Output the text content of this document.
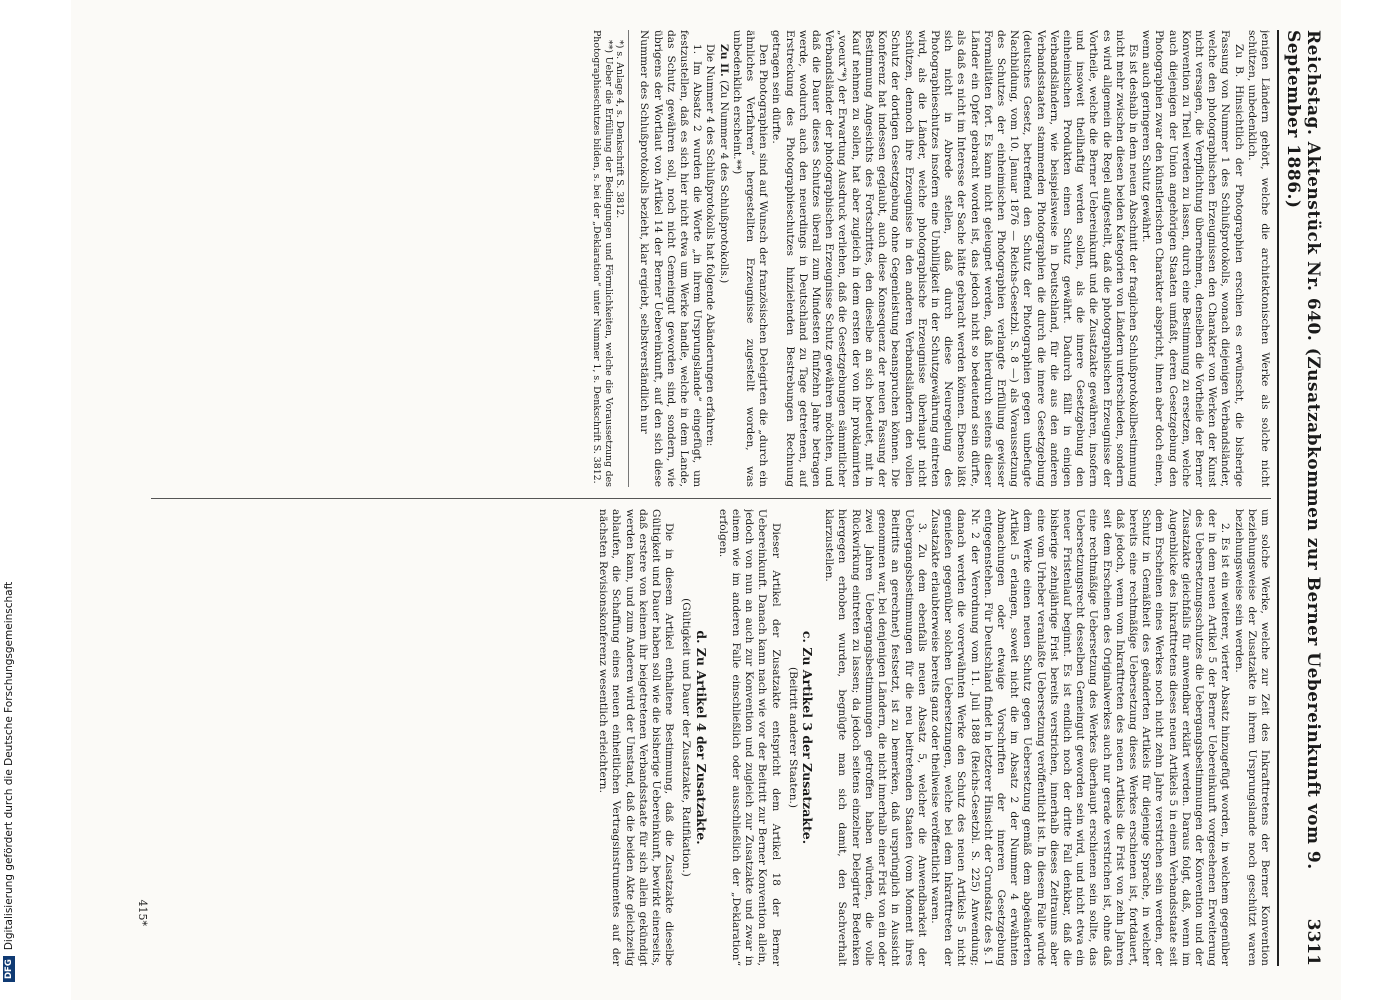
DFG
Digitalisierung gefördert durch die Deutsche Forschungsgemeinschaft	Reichstag. Aktenstück Nr. 640. (Zusatzabkommen zur Berner Uebereinkunft vom 9. September 1886.)
3311

jenigen Ländern gehört, welche die architektonischen Werke als solche nicht schützen, unbedenklich.

Zu B. Hinsichtlich der Photographien erschien es erwünscht, die bisherige Fassung von Nummer 1 des Schlußprotokolls, wonach diejenigen Verbandsländer, welche den photographischen Erzeugnissen den Charakter von Werken der Kunst nicht versagen, die Verpflichtung übernehmen, denselben die Vortheile der Berner Konvention zu Theil werden zu lassen, durch eine Bestimmung zu ersetzen, welche auch diejenigen der Union angehörigen Staaten umfaßt, deren Gesetzgebung den Photographien zwar den künstlerischen Charakter abspricht, ihnen aber doch einen, wenn auch geringeren Schutz gewährt.

Es ist deshalb in dem neuen Abschnitt der fraglichen Schlußprotokollbestimmung nicht mehr zwischen diesen beiden Kategorien von Ländern unterschieden, sondern es wird allgemein die Regel aufgestellt, daß die photographischen Erzeugnisse der Vortheile, welche die Berner Uebereinkunft und die Zusatzakte gewähren, insofern und insoweit theilhaftig werden sollen, als die innere Gesetzgebung den einheimischen Produkten einen Schutz gewährt. Dadurch fällt in einigen Verbandsländern, wie beispielsweise in Deutschland, für die aus den anderen Verbandsstaaten stammenden Photographien die durch die innere Gesetzgebung (deutsches Gesetz, betreffend den Schutz der Photographien gegen unbefugte Nachbildung, vom 10. Januar 1876 — Reichs-Gesetzbl. S. 8 —) als Voraussetzung des Schutzes der einheimischen Photographien verlangte Erfüllung gewisser Formalitäten fort. Es kann nicht geleugnet werden, daß hierdurch seitens dieser Länder ein Opfer gebracht worden ist, das jedoch nicht so bedeutend sein dürfte, als daß es nicht im Interesse der Sache hätte gebracht werden können. Ebenso läßt sich nicht in Abrede stellen, daß durch diese Neuregelung des Photographieschutzes insofern eine Unbilligkeit in der Schutzgewährung eintreten wird, als die Länder, welche photographische Erzeugnisse überhaupt nicht schützen, dennoch ihre Erzeugnisse in den anderen Verbandsländern den vollen Schutz der dortigen Gesetzgebung ohne Gegenleistung beanspruchen können. Die Konferenz hat indessen geglaubt, auch diese Konsequenz der neuen Fassung der Bestimmung Angesichts des Fortschrittes, den dieselbe an sich bedeutet, mit in Kauf nehmen zu sollen, hat aber zugleich in dem ersten der von ihr proklamirten „voeux“*) der Erwartung Ausdruck verliehen, daß die Gesetzgebungen sämmtlicher Verbandsländer der photographischen Erzeugnisse Schutz gewähren möchten, und daß die Dauer dieses Schutzes überall zum Mindesten fünfzehn Jahre betragen werde, wodurch auch den neuerdings in Deutschland zu Tage getretenen, auf Erstreckung des Photographieschutzes hinzielenden Bestrebungen Rechnung getragen sein dürfte.

Den Photographien sind auf Wunsch der französischen Delegirten die „durch ein ähnliches Verfahren“ hergestellten Erzeugnisse zugestellt worden, was unbedenklich erscheint.**)

Zu II. (Zu Nummer 4 des Schlußprotokolls.)

Die Nummer 4 des Schlußprotokolls hat folgende Abänderungen erfahren:

1. Im Absatz 2 wurden die Worte „in ihrem Ursprungslande“ eingefügt, um festzustellen, daß es sich hier nicht etwa um Werke handle, welche in dem Lande, das Schutz gewähren soll, noch nicht Gemeingut geworden sind, sondern, wie übrigens der Wortlaut von Artikel 14 der Berner Uebereinkunft, auf den sich diese Nummer des Schlußprotokolls bezieht, klar ergiebt, selbstverständlich nur

*) s. Anlage 4, s. Denkschrift S. 3812.

**) Ueber die Erfüllung der Bedingungen und Förmlichkeiten, welche die Voraussetzung des Photographieschutzes bilden, s. bei der „Deklaration“ unter Nummer 1, s. Denkschrift S. 3812.

um solche Werke, welche zur Zeit des Inkrafttretens der Berner Konvention beziehungsweise der Zusatzakte in ihrem Ursprungslande noch geschützt waren beziehungsweise sein werden.

2. Es ist ein weiterer, vierter Absatz hinzugefügt worden, in welchem gegenüber der in dem neuen Artikel 5 der Berner Uebereinkunft vorgesehenen Erweiterung des Uebersetzungsschutzes die Uebergangsbestimmungen der Konvention und der Zusatzakte gleichfalls für anwendbar erklärt werden. Daraus folgt, daß, wenn im Augenblicke des Inkrafttretens dieses neuen Artikels 5 in einem Verbandsstaate seit dem Erscheinen eines Werkes noch nicht zehn Jahre verstrichen sein werden, der Schutz in Gemäßheit des geänderten Artikels für diejenige Sprache, in welcher bereits eine rechtmäßige Uebersetzung dieses Werkes erschienen ist, fortdauert, daß jedoch, wenn vom Inkrafttreten des neuen Artikels die Frist von zehn Jahren seit dem Erscheinen des Originalwerkes auch nur gerade verstrichen ist, ohne daß eine rechtmäßige Uebersetzung des Werkes überhaupt erschienen sein sollte, das Uebersetzungsrecht desselben Gemeingut geworden sein wird, und nicht etwa ein neuer Fristenlauf beginnt. Es ist endlich noch der dritte Fall denkbar, daß die bisherige zehnjährige Frist bereits verstrichen, innerhalb dieses Zeitraums aber eine vom Urheber veranlaßte Uebersetzung veröffentlicht ist. In diesem Falle würde dem Werke einen neuen Schutz gegen Uebersetzung gemäß dem abgeänderten Artikel 5 erlangen, soweit nicht die im Absatz 2 der Nummer 4 erwähnten Abmachungen oder etwaige Vorschriften der inneren Gesetzgebung entgegenstehen. Für Deutschland findet in letzterer Hinsicht der Grundsatz des §. 1 Nr. 2 der Verordnung vom 11. Juli 1888 (Reichs-Gesetzbl. S. 225) Anwendung; danach werden die vorerwähnten Werke den Schutz des neuen Artikels 5 nicht genießen gegenüber solchen Uebersetzungen, welche bei dem Inkrafttreten der Zusatzakte erlaubterweise bereits ganz oder theilweise veröffentlicht waren.

3. Zu dem ebenfalls neuen Absatz 5, welcher die Anwendbarkeit der Uebergangsbestimmungen für die neu beitretenden Staaten (vom Moment ihres Beitritts an gerechnet) festsetzt, ist zu bemerken, daß ursprünglich in Aussicht genommen war, bei denjenigen Ländern, die nicht innerhalb einer Frist von ein oder zwei Jahren Uebergangsbestimmungen getroffen haben würden, die volle Rückwirkung eintreten zu lassen; da jedoch seitens einzelner Delegirter Bedenken hiergegen erhoben wurden, begnügte man sich damit, den Sachverhalt klarzustellen.

c. Zu Artikel 3 der Zusatzakte.
(Beitritt anderer Staaten.)

Dieser Artikel der Zusatzakte entspricht dem Artikel 18 der Berner Uebereinkunft. Danach kann nach wie vor der Beitritt zur Berner Konvention allein, jedoch von nun an auch zur Konvention und zugleich zur Zusatzakte und zwar in einem wie im anderen Falle einschließlich oder ausschließlich der „Deklaration“ erfolgen.

d. Zu Artikel 4 der Zusatzakte.
(Gültigkeit und Dauer der Zusatzakte, Ratifikation.)

Die in diesem Artikel enthaltene Bestimmung, daß die Zusatzakte dieselbe Gültigkeit und Dauer haben soll wie die bisherige Uebereinkunft, bewirkt einerseits, daß erstere von keinem ihr beigetretenen Verbandsstaate für sich allein gekündigt werden kann, und zum Anderen wird der Umstand, daß die beiden Akte gleichzeitig ablaufen, die Schaffung eines neuen einheitlichen Vertragsinstrumentes auf der nächsten Revisionskonferenz wesentlich erleichtern.

415*
